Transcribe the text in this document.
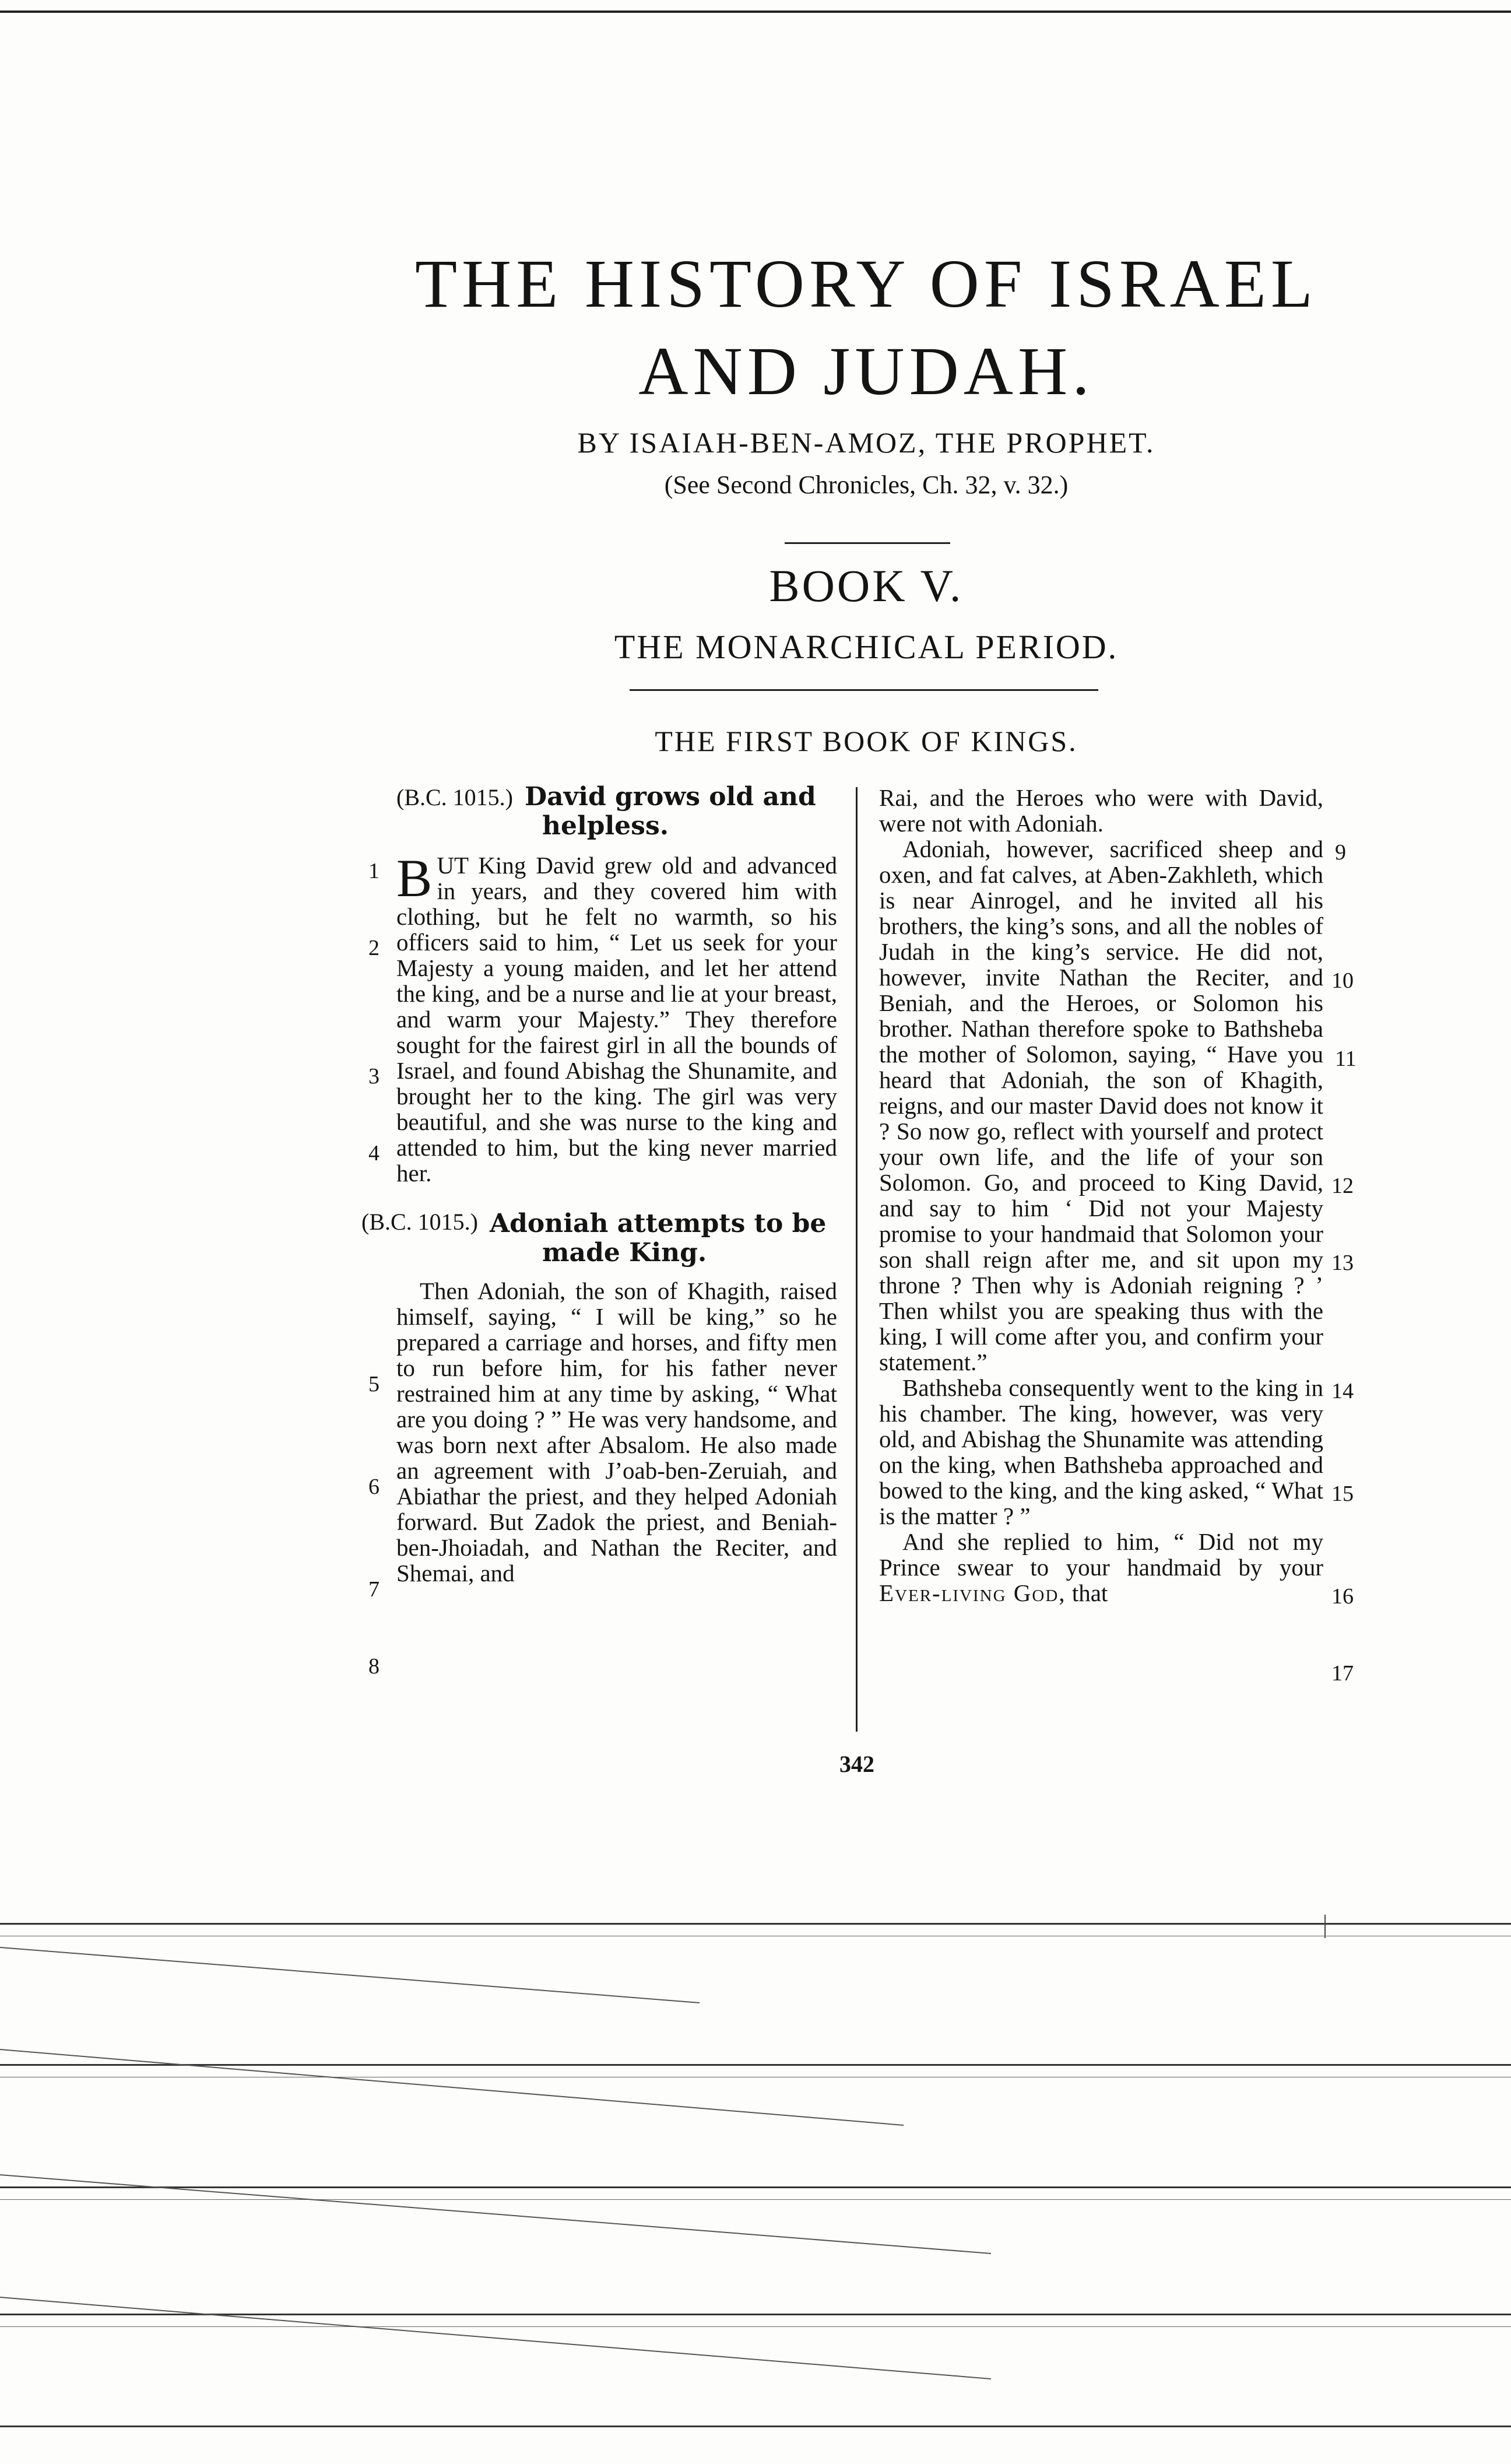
THE HISTORY OF ISRAEL
AND JUDAH.
BY ISAIAH-BEN-AMOZ, THE PROPHET.
(See Second Chronicles, Ch. 32, v. 32.)
BOOK V.
THE MONARCHICAL PERIOD.
THE FIRST BOOK OF KINGS.
(B.C. 1015.) David grows old and
helpless.

BUT King David grew old and advanced in years, and they covered him with clothing, but he felt no warmth, so his officers said to him, “ Let us seek for your Majesty a young maiden, and let her attend the king, and be a nurse and lie at your breast, and warm your Majesty.” They therefore sought for the fairest girl in all the bounds of Israel, and found Abishag the Shunamite, and brought her to the king. The girl was very beautiful, and she was nurse to the king and attended to him, but the king never married her.

(B.C. 1015.) Adoniah attempts to be
made King.

Then Adoniah, the son of Khagith, raised himself, saying, “ I will be king,” so he prepared a carriage and horses, and fifty men to run before him, for his father never restrained him at any time by asking, “ What are you doing ? ” He was very handsome, and was born next after Absalom. He also made an agreement with J’oab-ben-Zeruiah, and Abiathar the priest, and they helped Adoniah forward. But Zadok the priest, and Beniah-ben-Jhoiadah, and Nathan the Reciter, and Shemai, and

1
2
3
4
5
6
7
8

Rai, and the Heroes who were with David, were not with Adoniah.

Adoniah, however, sacrificed sheep and oxen, and fat calves, at Aben-Zakhleth, which is near Ainrogel, and he invited all his brothers, the king’s sons, and all the nobles of Judah in the king’s service. He did not, however, invite Nathan the Reciter, and Beniah, and the Heroes, or Solomon his brother. Nathan therefore spoke to Bathsheba the mother of Solomon, saying, “ Have you heard that Adoniah, the son of Khagith, reigns, and our master David does not know it ? So now go, reflect with yourself and protect your own life, and the life of your son Solomon. Go, and proceed to King David, and say to him ‘ Did not your Majesty promise to your handmaid that Solomon your son shall reign after me, and sit upon my throne ? Then why is Adoniah reigning ? ’ Then whilst you are speaking thus with the king, I will come after you, and confirm your statement.”

Bathsheba consequently went to the king in his chamber. The king, however, was very old, and Abishag the Shunamite was attending on the king, when Bathsheba approached and bowed to the king, and the king asked, “ What is the matter ? ”

And she replied to him, “ Did not my Prince swear to your handmaid by your Ever-living God, that

9
10
11
12
13
14
15
16
17
342
